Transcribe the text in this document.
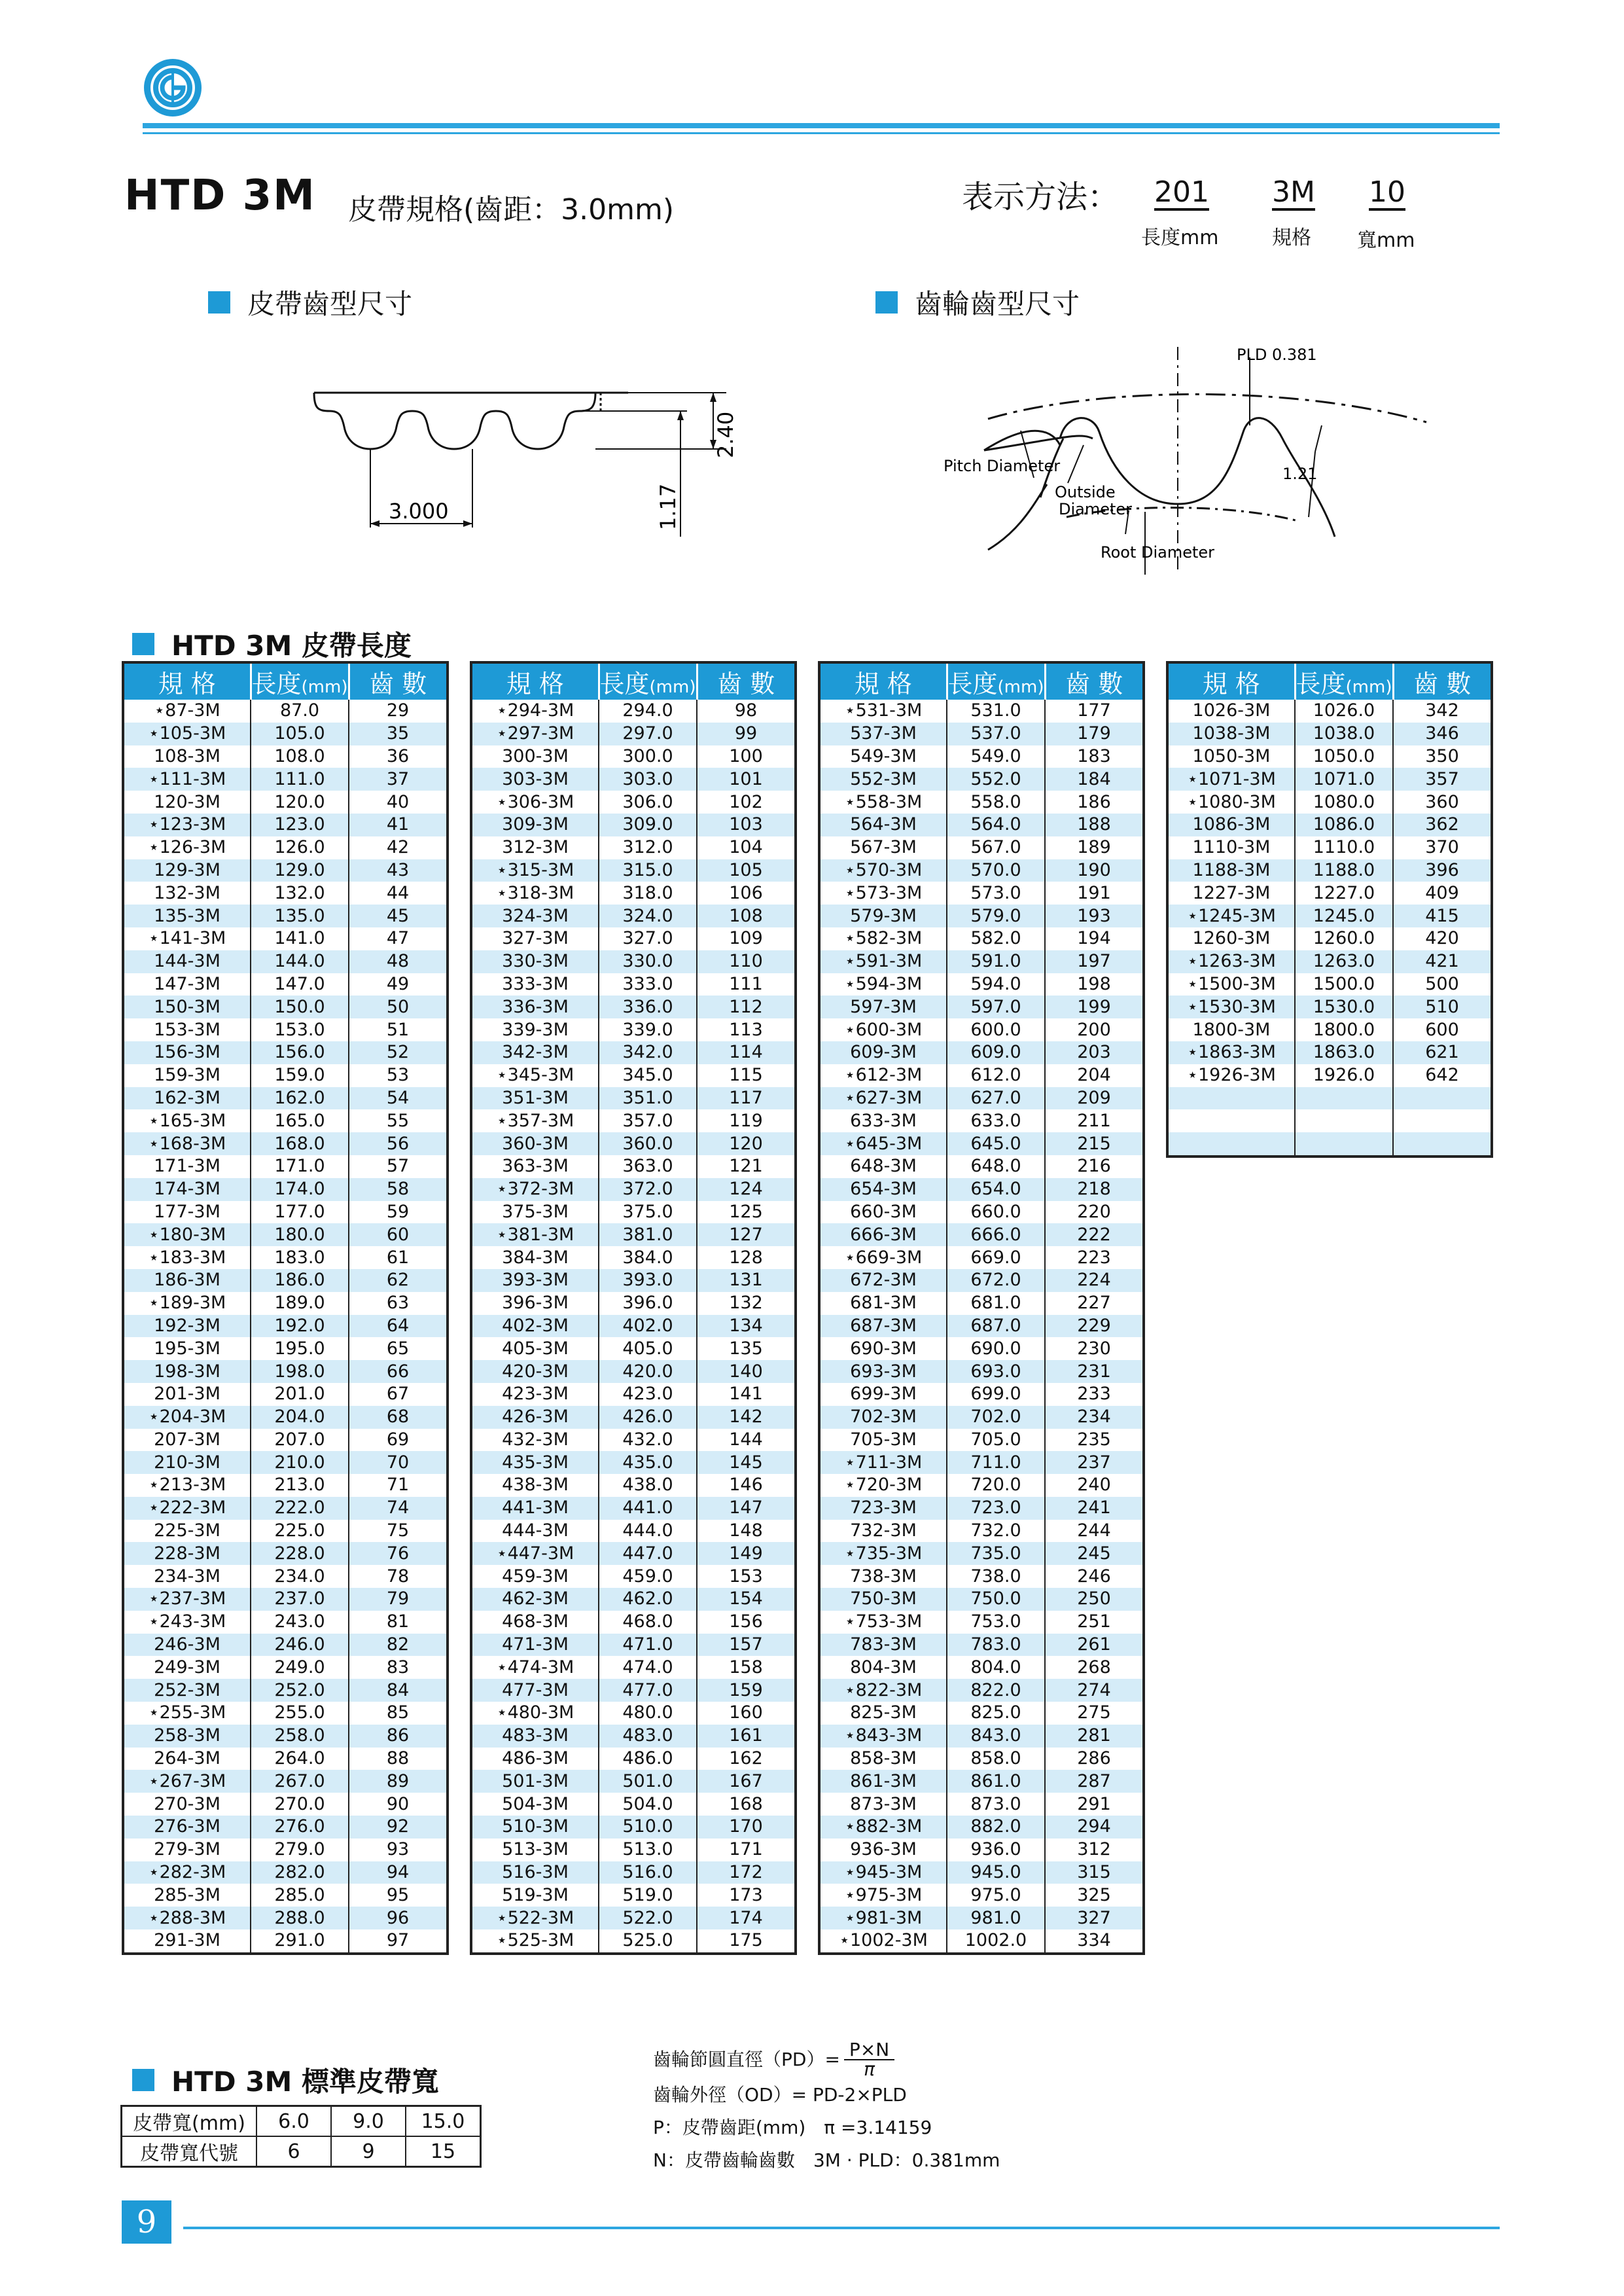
HTD 3M 皮帶規格(齒距：3.0mm)	表示方法： 201 3M 10
長度mm	規格 寬mm
皮帶齒型尺寸	齒輪齒型尺寸
3.000
2.40
1.17
PLD 0.381
1.21
Pitch Diameter
Outside
Diameter
Root Diameter
HTD 3M 皮帶長度
規 格	長度(mm)	齒 數
⋆87-3M	87.0	29
⋆105-3M	105.0	35
108-3M	108.0	36
⋆111-3M	111.0	37
120-3M	120.0	40
⋆123-3M	123.0	41
⋆126-3M	126.0	42
129-3M	129.0	43
132-3M	132.0	44
135-3M	135.0	45
⋆141-3M	141.0	47
144-3M	144.0	48
147-3M	147.0	49
150-3M	150.0	50
153-3M	153.0	51
156-3M	156.0	52
159-3M	159.0	53
162-3M	162.0	54
⋆165-3M	165.0	55
⋆168-3M	168.0	56
171-3M	171.0	57
174-3M	174.0	58
177-3M	177.0	59
⋆180-3M	180.0	60
⋆183-3M	183.0	61
186-3M	186.0	62
⋆189-3M	189.0	63
192-3M	192.0	64
195-3M	195.0	65
198-3M	198.0	66
201-3M	201.0	67
⋆204-3M	204.0	68
207-3M	207.0	69
210-3M	210.0	70
⋆213-3M	213.0	71
⋆222-3M	222.0	74
225-3M	225.0	75
228-3M	228.0	76
234-3M	234.0	78
⋆237-3M	237.0	79
⋆243-3M	243.0	81
246-3M	246.0	82
249-3M	249.0	83
252-3M	252.0	84
⋆255-3M	255.0	85
258-3M	258.0	86
264-3M	264.0	88
⋆267-3M	267.0	89
270-3M	270.0	90
276-3M	276.0	92
279-3M	279.0	93
⋆282-3M	282.0	94
285-3M	285.0	95
⋆288-3M	288.0	96
291-3M	291.0	97
規 格	長度(mm)	齒 數
⋆294-3M	294.0	98
⋆297-3M	297.0	99
300-3M	300.0	100
303-3M	303.0	101
⋆306-3M	306.0	102
309-3M	309.0	103
312-3M	312.0	104
⋆315-3M	315.0	105
⋆318-3M	318.0	106
324-3M	324.0	108
327-3M	327.0	109
330-3M	330.0	110
333-3M	333.0	111
336-3M	336.0	112
339-3M	339.0	113
342-3M	342.0	114
⋆345-3M	345.0	115
351-3M	351.0	117
⋆357-3M	357.0	119
360-3M	360.0	120
363-3M	363.0	121
⋆372-3M	372.0	124
375-3M	375.0	125
⋆381-3M	381.0	127
384-3M	384.0	128
393-3M	393.0	131
396-3M	396.0	132
402-3M	402.0	134
405-3M	405.0	135
420-3M	420.0	140
423-3M	423.0	141
426-3M	426.0	142
432-3M	432.0	144
435-3M	435.0	145
438-3M	438.0	146
441-3M	441.0	147
444-3M	444.0	148
⋆447-3M	447.0	149
459-3M	459.0	153
462-3M	462.0	154
468-3M	468.0	156
471-3M	471.0	157
⋆474-3M	474.0	158
477-3M	477.0	159
⋆480-3M	480.0	160
483-3M	483.0	161
486-3M	486.0	162
501-3M	501.0	167
504-3M	504.0	168
510-3M	510.0	170
513-3M	513.0	171
516-3M	516.0	172
519-3M	519.0	173
⋆522-3M	522.0	174
⋆525-3M	525.0	175
規 格	長度(mm)	齒 數
⋆531-3M	531.0	177
537-3M	537.0	179
549-3M	549.0	183
552-3M	552.0	184
⋆558-3M	558.0	186
564-3M	564.0	188
567-3M	567.0	189
⋆570-3M	570.0	190
⋆573-3M	573.0	191
579-3M	579.0	193
⋆582-3M	582.0	194
⋆591-3M	591.0	197
⋆594-3M	594.0	198
597-3M	597.0	199
⋆600-3M	600.0	200
609-3M	609.0	203
⋆612-3M	612.0	204
⋆627-3M	627.0	209
633-3M	633.0	211
⋆645-3M	645.0	215
648-3M	648.0	216
654-3M	654.0	218
660-3M	660.0	220
666-3M	666.0	222
⋆669-3M	669.0	223
672-3M	672.0	224
681-3M	681.0	227
687-3M	687.0	229
690-3M	690.0	230
693-3M	693.0	231
699-3M	699.0	233
702-3M	702.0	234
705-3M	705.0	235
⋆711-3M	711.0	237
⋆720-3M	720.0	240
723-3M	723.0	241
732-3M	732.0	244
⋆735-3M	735.0	245
738-3M	738.0	246
750-3M	750.0	250
⋆753-3M	753.0	251
783-3M	783.0	261
804-3M	804.0	268
⋆822-3M	822.0	274
825-3M	825.0	275
⋆843-3M	843.0	281
858-3M	858.0	286
861-3M	861.0	287
873-3M	873.0	291
⋆882-3M	882.0	294
936-3M	936.0	312
⋆945-3M	945.0	315
⋆975-3M	975.0	325
⋆981-3M	981.0	327
⋆1002-3M	1002.0	334
規 格	長度(mm)	齒 數
1026-3M	1026.0	342
1038-3M	1038.0	346
1050-3M	1050.0	350
⋆1071-3M	1071.0	357
⋆1080-3M	1080.0	360
1086-3M	1086.0	362
1110-3M	1110.0	370
1188-3M	1188.0	396
1227-3M	1227.0	409
⋆1245-3M	1245.0	415
1260-3M	1260.0	420
⋆1263-3M	1263.0	421
⋆1500-3M	1500.0	500
⋆1530-3M	1530.0	510
1800-3M	1800.0	600
⋆1863-3M	1863.0	621
⋆1926-3M	1926.0	642

HTD 3M 標準皮帶寬
皮帶寬(mm)	6.0	9.0	15.0
皮帶寬代號	6	9	15
齒輪節圓直徑$(PD)= \frac{P\times N}{\pi}$
齒輪外徑（OD）= PD-2×PLD
P：皮帶齒距(mm)　π =3.14159
N：皮帶齒輪齒數　3M · PLD：0.381mm
9
